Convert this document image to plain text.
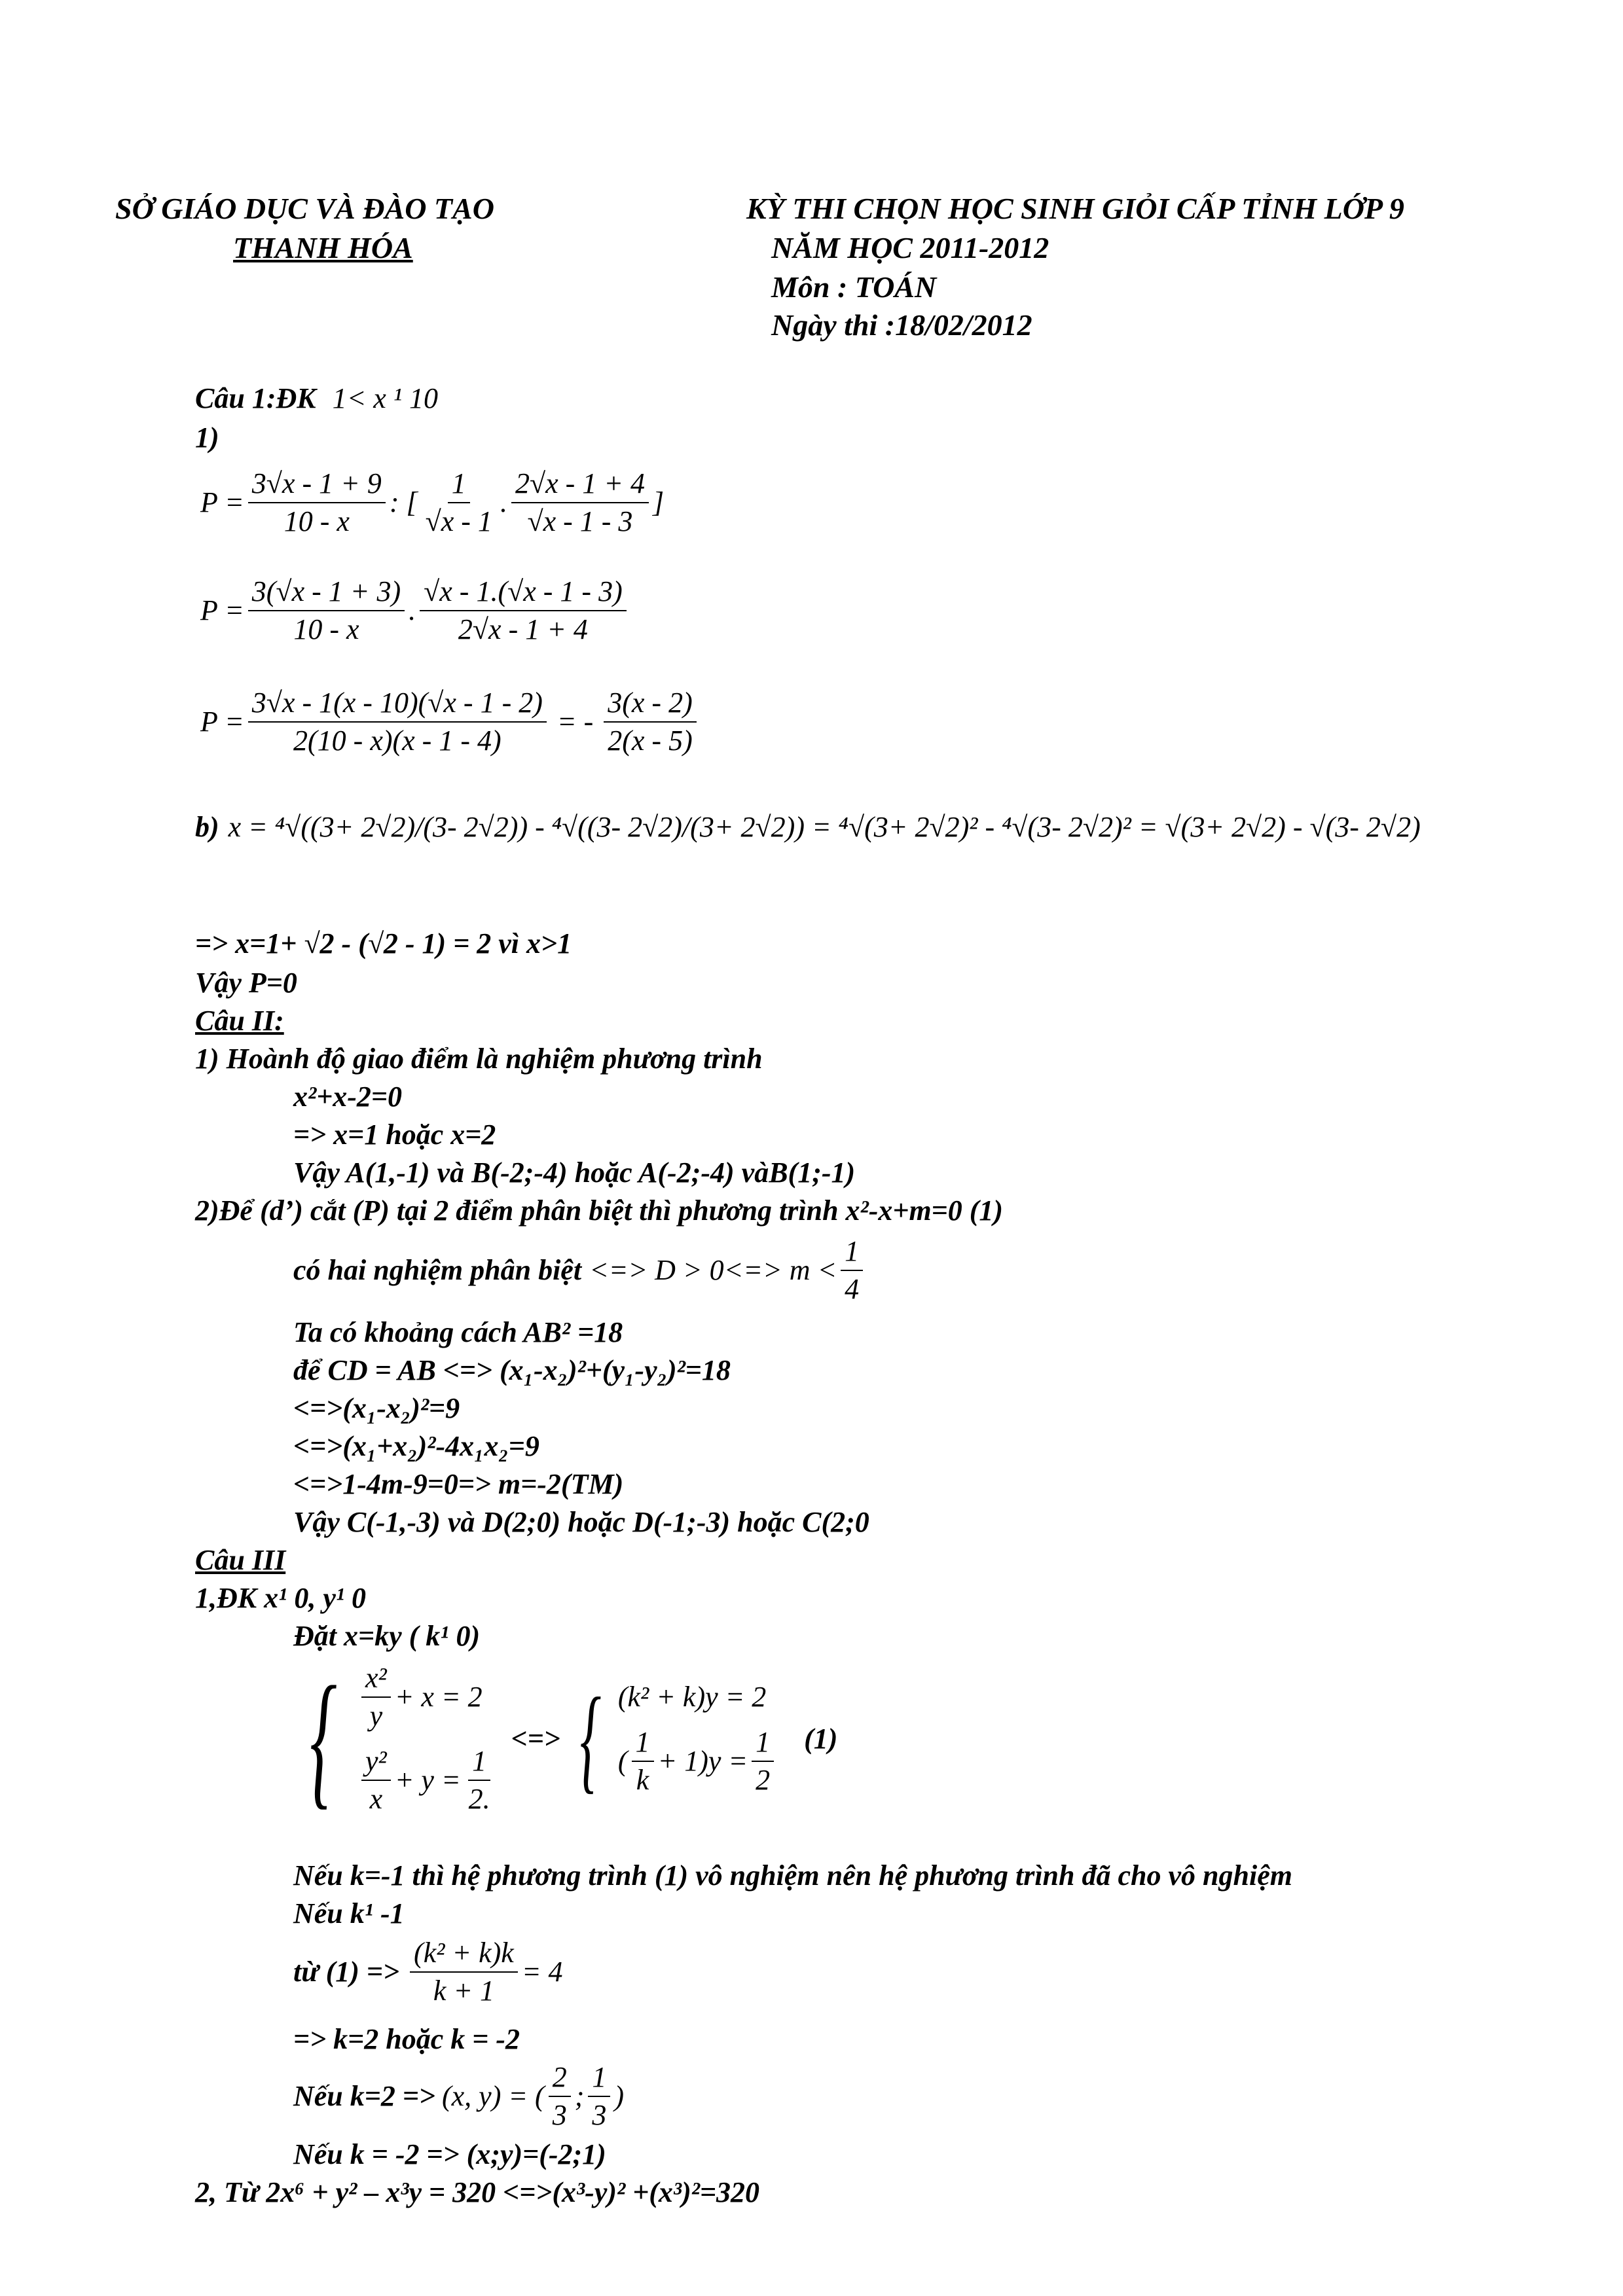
SỞ GIÁO DỤC VÀ ĐÀO TẠO
THANH HÓA
KỲ THI CHỌN HỌC SINH GIỎI CẤP TỈNH LỚP 9
NĂM HỌC 2011-2012
Môn : TOÁN
Ngày thi :18/02/2012
Câu 1:ĐK 1< x ¹ 10
1)
$P = \frac{3√x - 1 + 9}{10 - x}$ : [ $\frac{1}{√x - 1}$ . $\frac{2√x - 1 + 4}{√x - 1 - 3}$ ]
$P = \frac{3(√x - 1 + 3)}{10 - x}$ . $\frac{√x - 1.(√x - 1 - 3)}{2√x - 1 + 4}$
$P = \frac{3√x - 1(x - 10)(√x - 1 - 2)}{2(10 - x)(x - 1 - 4)}$ = - $\frac{3(x - 2)}{2(x - 5)}$
b) x = ⁴√((3+ 2√2)/(3- 2√2)) - ⁴√((3- 2√2)/(3+ 2√2)) = ⁴√(3+ 2√2)² - ⁴√(3- 2√2)² = √(3+ 2√2) - √(3- 2√2)
=> x=1+ √2 - (√2 - 1) = 2 vì x>1
Vậy P=0
Câu II:
1) Hoành độ giao điểm là nghiệm phương trình
x²+x-2=0
=> x=1 hoặc x=2
Vậy A(1,-1) và B(-2;-4) hoặc A(-2;-4) vàB(1;-1)
2)Để (d’) cắt (P) tại 2 điểm phân biệt thì phương trình x²-x+m=0 (1)
có hai nghiệm phân biệt <=> $D > 0<=> m < \frac{1}{4}$
Ta có khoảng cách AB² =18
để CD = AB <=> (x₁-x₂)²+(y₁-y₂)²=18
<=>(x₁-x₂)²=9
<=>(x₁+x₂)²-4x₁x₂=9
<=>1-4m-9=0=> m=-2(TM)
Vậy C(-1,-3) và D(2;0) hoặc D(-1;-3) hoặc C(2;0
Câu III
1,ĐK x¹ 0, y¹ 0
Đặt x=ky ( k¹ 0)
{ $\frac{\text{x²}}{y} + x = 2$
$\frac{\text{y²}}{x} + y = \frac{1}{2.}$
<=> { (k² + k)y = 2
( $\frac{1}{k} + 1)y = \frac{1}{2} (1)$
Nếu k=-1 thì hệ phương trình (1) vô nghiệm nên hệ phương trình đã cho vô nghiệm
Nếu k¹ -1
từ $(1) => \frac{\text{(k² + k)k}}{k + 1} = 4$
=> k=2 hoặc k = -2
Nếu k=2 => (x, y) = ( $\frac{2}{3}$ ; $\frac{1}{3}$ )
Nếu k = -2 => (x;y)=(-2;1)
2, Từ 2x⁶ + y² – x³y = 320 <=>(x³-y)² +(x³)²=320
